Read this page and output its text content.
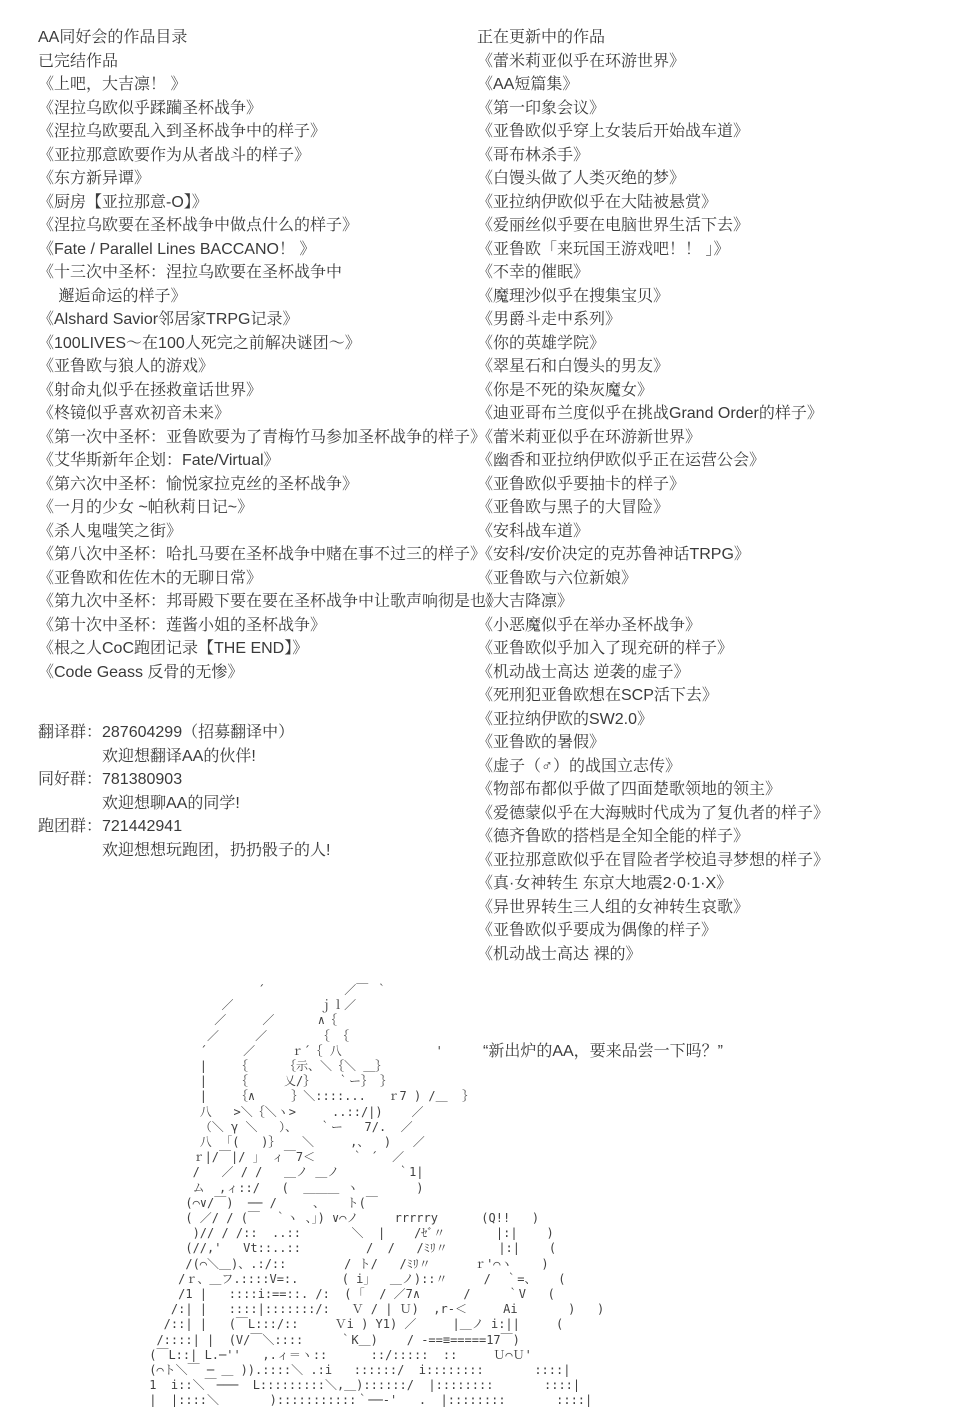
AA同好会的作品目录
已完结作品
《上吧，大吉凛！ 》
《涅拉乌欧似乎蹂躏圣杯战争》
《涅拉乌欧要乱入到圣杯战争中的样子》
《亚拉那意欧要作为从者战斗的样子》
《东方新异谭》
《厨房【亚拉那意-O】》
《涅拉乌欧要在圣杯战争中做点什么的样子》
《Fate / Parallel Lines BACCANO！ 》
《十三次中圣杯：涅拉乌欧要在圣杯战争中
　 邂逅命运的样子》
《Alshard Savior邻居家TRPG记录》
《100LIVES～在100人死完之前解决谜团～》
《亚鲁欧与狼人的游戏》
《射命丸似乎在拯救童话世界》
《柊镜似乎喜欢初音未来》
《第一次中圣杯：亚鲁欧要为了青梅竹马参加圣杯战争的样子》
《艾华斯新年企划：Fate/Virtual》
《第六次中圣杯：愉悦家拉克丝的圣杯战争》
《一月的少女 ~帕秋莉日记~》
《杀人鬼嗤笑之街》
《第八次中圣杯：哈扎马要在圣杯战争中赌在事不过三的样子》
《亚鲁欧和佐佐木的无聊日常》
《第九次中圣杯：邦哥殿下要在要在圣杯战争中让歌声响彻是也》
《第十次中圣杯：莲酱小姐的圣杯战争》
《根之人CoC跑团记录【THE END】》
《Code Geass 反骨的无惨》
翻译群：287604299（招募翻译中）
　　　　欢迎想翻译AA的伙伴!
同好群：781380903
　　　　欢迎想聊AA的同学!
跑团群：721442941
　　　　欢迎想想玩跑团，扔扔骰子的人!
正在更新中的作品
《蕾米莉亚似乎在环游世界》
《AA短篇集》
《第一印象会议》
《亚鲁欧似乎穿上女装后开始战车道》
《哥布林杀手》
《白馒头做了人类灭绝的梦》
《亚拉纳伊欧似乎在大陆被悬赏》
《爱丽丝似乎要在电脑世界生活下去》
《亚鲁欧「来玩国王游戏吧！！ 」》
《不幸的催眠》
《魔理沙似乎在搜集宝贝》
《男爵斗走中系列》
《你的英雄学院》
《翠星石和白馒头的男友》
《你是不死的染灰魔女》
《迪亚哥布兰度似乎在挑战Grand Order的样子》
《蕾米莉亚似乎在环游新世界》
《幽香和亚拉纳伊欧似乎正在运营公会》
《亚鲁欧似乎要抽卡的样子》
《亚鲁欧与黑子的大冒险》
《安科战车道》
《安科/安价决定的克苏鲁神话TRPG》
《亚鲁欧与六位新娘》
《大吉降凛》
《小恶魔似乎在举办圣杯战争》
《亚鲁欧似乎加入了现充研的样子》
《机动战士高达 逆袭的虚子》
《死刑犯亚鲁欧想在SCP活下去》
《亚拉纳伊欧的SW2.0》
《亚鲁欧的暑假》
《虚子（♂）的战国立志传》
《物部布都似乎做了四面楚歌领地的领主》
《爱德蒙似乎在大海贼时代成为了复仇者的样子》
《德齐鲁欧的搭档是全知全能的样子》
《亚拉那意欧似乎在冒险者学校追寻梦想的样子》
《真·女神转生 东京大地震2·0·1·X》
《异世界转生三人组的女神转生哀歌》
《亚鲁欧似乎要成为偶像的样子》
《机动战士高达 裸的》
“新出炉的AA，要来品尝一下吗？”
´           ／￣ ｀
／            ｊｌ／
／     ／      ∧｛
／     ／       ｛ ｛
´     ／     ｒ´｛ 八             '
|    ｛     ｛示、＼｛＼ ＿｝
|    ｛     乂/｝   ｀ー｝ ｝
|    ｛∧     ｝＼::::...   ｒ7 ) /＿  ｝
八   >＼｛＼ヽ>     ..::/|)    ／
（＼ γ ＼   ）、   ｀ー   7/.  ／
八  ｢(   )｝   ＼     ,、  )   ／
ｒ|/￣|/ 」 ィ￣7＜     ｀ ´  ／
/   ／ / /   ＿ノ ＿ノ        ｀1|
ム  ,ィ::/   (  ＿＿＿ ヽ        )
(⌒∨/￣)  ── /     、   ト(￣
( ／/ / (￣  ｀ヽ 、」) ∨⌒ノ     rrrrry      (Q!!   )
)// / /::  ..::       ＼  |    /ｾﾞ〃       |:|    )
(//,'   Vt::..::         /  /   /ﾐﾘ〃       |:|    (
/(⌒＼＿)、.:/::        / ト/   /ﾐﾘ〃      ｒ'⌒ヽ    )
/ｒ、＿フ.::::V=:.      ( i」  ＿ノ)::〃     /  ｀=、   (
/1 |   ::::i:==::. /:  ( ｢  / ／7∧      /     ｀V   (
/:| |   ::::|:::::::/:   Ｖ / | Ｕ)  ,r‐＜     Ai       )   )
/::| |   (￣L:::/::     Ｖi ) Y1) ／     |＿ノ i:||     (
/::::| |  (V/￣＼::::     ｀K＿)    / ‐==≡=====17￣)
(￣L::| L.─''   ,.ィ＝ヽ::      ::/:::::  ::     Ｕ⌒Ｕ'
(⌒ト＼￣ ─ ＿ )).::::＼ .:i   ::::::/  i::::::::       ::::|
1  i::＼￣───  L:::::::::＼,＿)::::::/  |::::::::       ::::|
|  |::::＼       ):::::::::::｀──‐'   .  |::::::::       ::::|
